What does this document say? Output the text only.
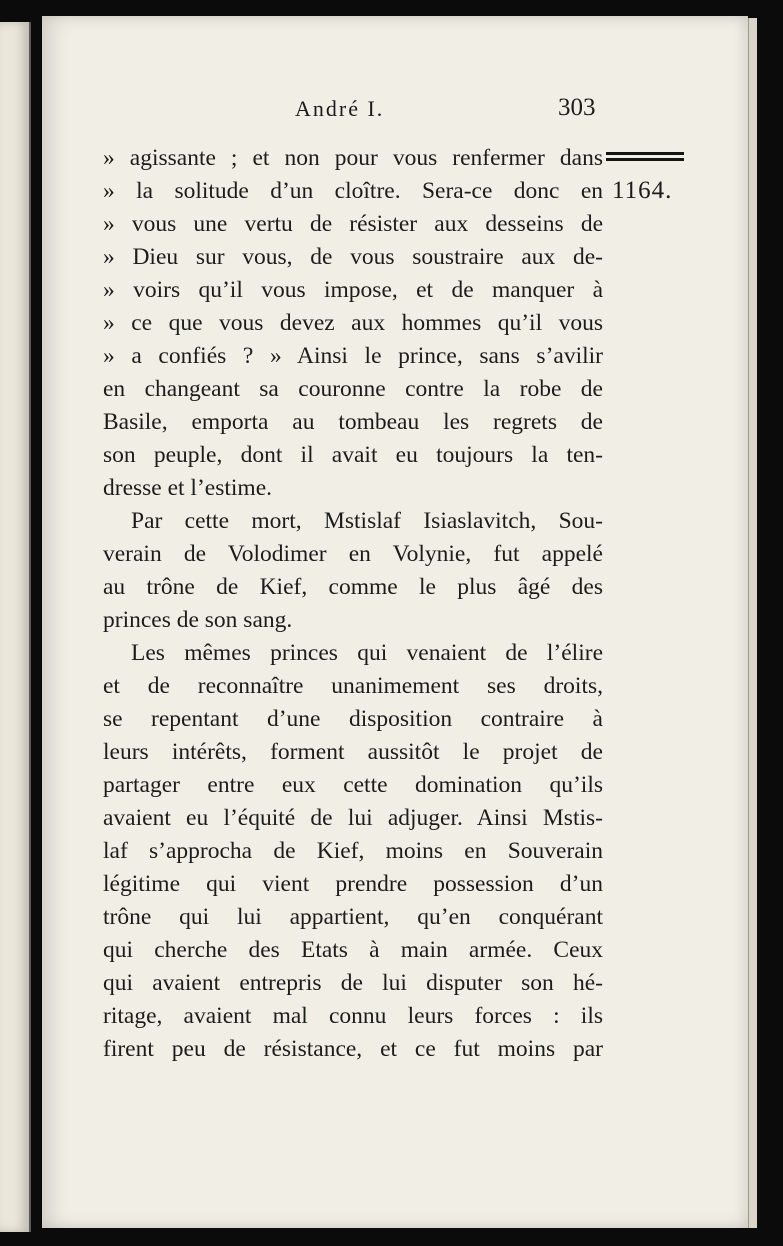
André I.	303
1164.
» agissante ; et non pour vous renfermer dans
» la solitude d’un cloître. Sera-ce donc en
» vous une vertu de résister aux desseins de
» Dieu sur vous, de vous soustraire aux de-
» voirs qu’il vous impose, et de manquer à
» ce que vous devez aux hommes qu’il vous
» a confiés ? » Ainsi le prince, sans s’avilir
en changeant sa couronne contre la robe de
Basile, emporta au tombeau les regrets de
son peuple, dont il avait eu toujours la ten-
dresse et l’estime.
Par cette mort, Mstislaf Isiaslavitch, Sou-
verain de Volodimer en Volynie, fut appelé
au trône de Kief, comme le plus âgé des
princes de son sang.
Les mêmes princes qui venaient de l’élire
et de reconnaître unanimement ses droits,
se repentant d’une disposition contraire à
leurs intérêts, forment aussitôt le projet de
partager entre eux cette domination qu’ils
avaient eu l’équité de lui adjuger. Ainsi Mstis-
laf s’approcha de Kief, moins en Souverain
légitime qui vient prendre possession d’un
trône qui lui appartient, qu’en conquérant
qui cherche des Etats à main armée. Ceux
qui avaient entrepris de lui disputer son hé-
ritage, avaient mal connu leurs forces : ils
firent peu de résistance, et ce fut moins par
